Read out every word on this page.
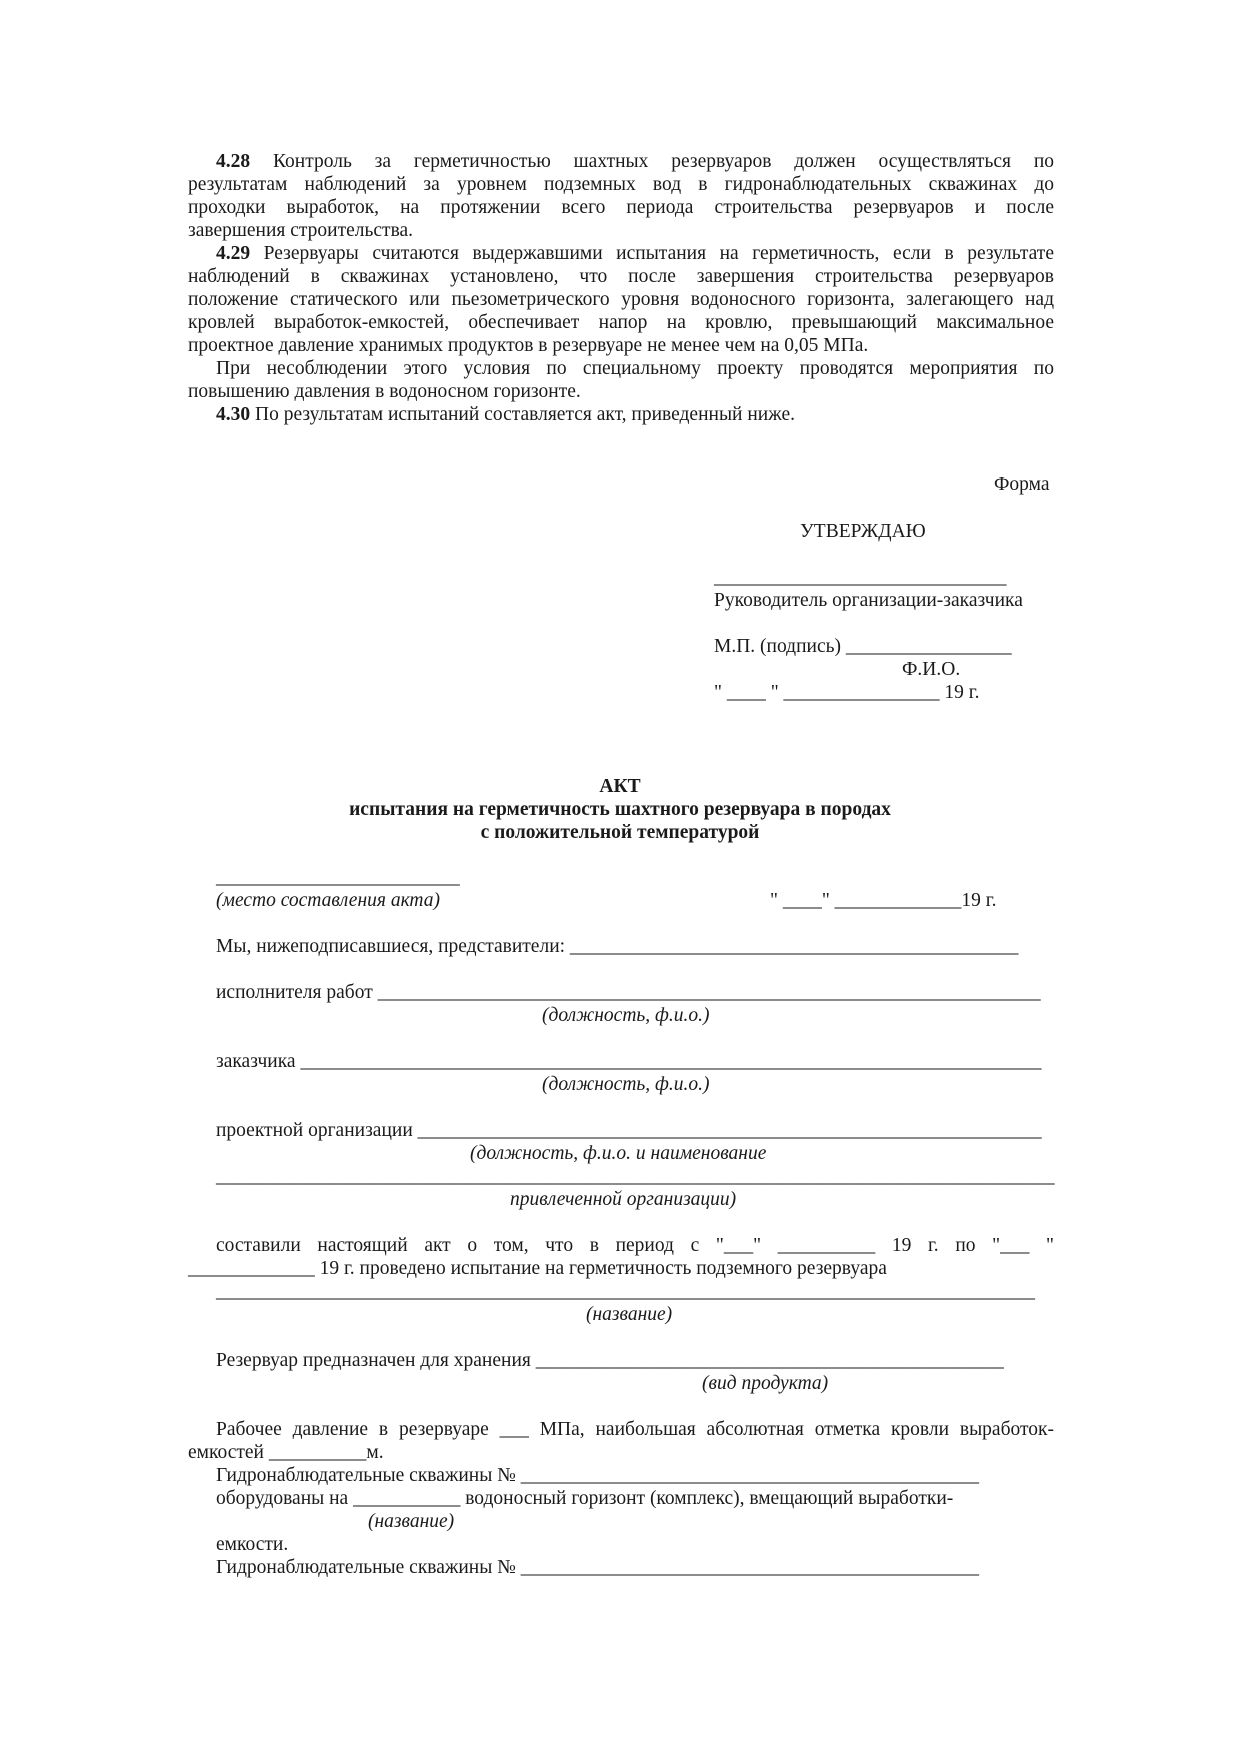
4.28 Контроль за герметичностью шахтных резервуаров должен осуществляться по
результатам наблюдений за уровнем подземных вод в гидронаблюдательных скважинах до
проходки выработок, на протяжении всего периода строительства резервуаров и после
завершения строительства.
4.29 Резервуары считаются выдержавшими испытания на герметичность, если в результате
наблюдений в скважинах установлено, что после завершения строительства резервуаров
положение статического или пьезометрического уровня водоносного горизонта, залегающего над
кровлей выработок-емкостей, обеспечивает напор на кровлю, превышающий максимальное
проектное давление хранимых продуктов в резервуаре не менее чем на 0,05 МПа.
При несоблюдении этого условия по специальному проекту проводятся мероприятия по
повышению давления в водоносном горизонте.
4.30 По результатам испытаний составляется акт, приведенный ниже.
Форма
УТВЕРЖДАЮ
______________________________
Руководитель организации-заказчика
М.П. (подпись) _________________
Ф.И.О.
" ____ " ________________ 19 г.
АКТ
испытания на герметичность шахтного резервуара в породах
с положительной температурой
_________________________
(место составления акта)	" ____" _____________19 г.
Мы, нижеподписавшиеся, представители: ______________________________________________
исполнителя работ ____________________________________________________________________
(должность, ф.и.о.)
заказчика ____________________________________________________________________________
(должность, ф.и.о.)
проектной организации ________________________________________________________________
(должность, ф.и.о. и наименование
______________________________________________________________________________________
привлеченной организации)
составили настоящий акт о том, что в период с "___" __________ 19 г. по "___ "
_____________ 19 г. проведено испытание на герметичность подземного резервуара
____________________________________________________________________________________
(название)
Резервуар предназначен для хранения ________________________________________________
(вид продукта)
Рабочее давление в резервуаре ___ МПа, наибольшая абсолютная отметка кровли выработок-
емкостей __________м.
Гидронаблюдательные скважины № _______________________________________________
оборудованы на ___________ водоносный горизонт (комплекс), вмещающий выработки-
(название)
емкости.
Гидронаблюдательные скважины № _______________________________________________
